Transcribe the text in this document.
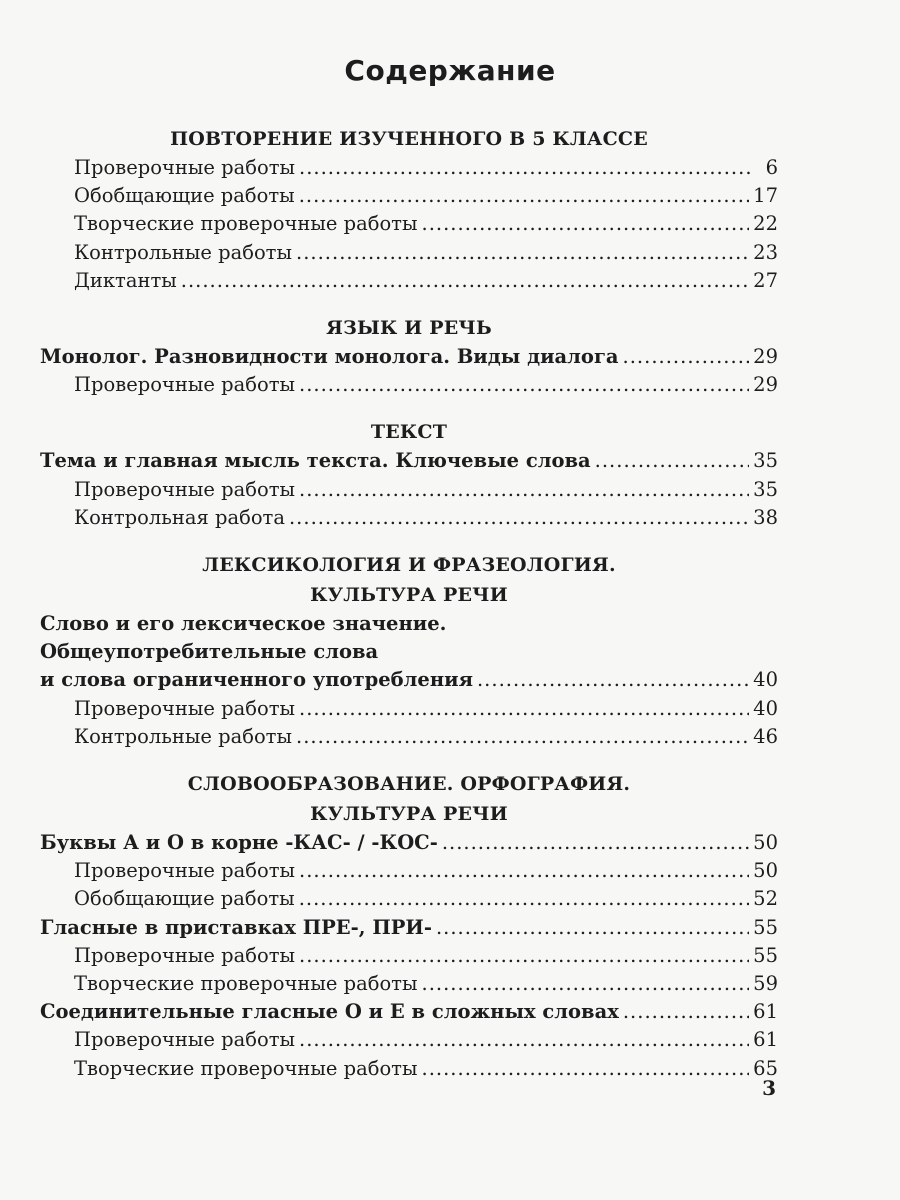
Содержание
ПОВТОРЕНИЕ ИЗУЧЕННОГО В 5 КЛАССЕ
Проверочные работы .....	6
Обобщающие работы .....	17
Творческие проверочные работы .....	22
Контрольные работы .....	23
Диктанты .....	27
ЯЗЫК И РЕЧЬ
Монолог. Разновидности монолога. Виды диалога .....	29
Проверочные работы .....	29
ТЕКСТ
Тема и главная мысль текста. Ключевые слова .....	35
Проверочные работы .....	35
Контрольная работа .....	38
ЛЕКСИКОЛОГИЯ И ФРАЗЕОЛОГИЯ.
КУЛЬТУРА РЕЧИ
Слово и его лексическое значение.
Общеупотребительные слова
и слова ограниченного употребления .....	40
Проверочные работы .....	40
Контрольные работы .....	46
СЛОВООБРАЗОВАНИЕ. ОРФОГРАФИЯ.
КУЛЬТУРА РЕЧИ
Буквы А и О в корне -КАС- / -КОС- .....	50
Проверочные работы .....	50
Обобщающие работы .....	52
Гласные в приставках ПРЕ-, ПРИ- .....	55
Проверочные работы .....	55
Творческие проверочные работы .....	59
Соединительные гласные О и Е в сложных словах .....	61
Проверочные работы .....	61
Творческие проверочные работы .....	65
3
